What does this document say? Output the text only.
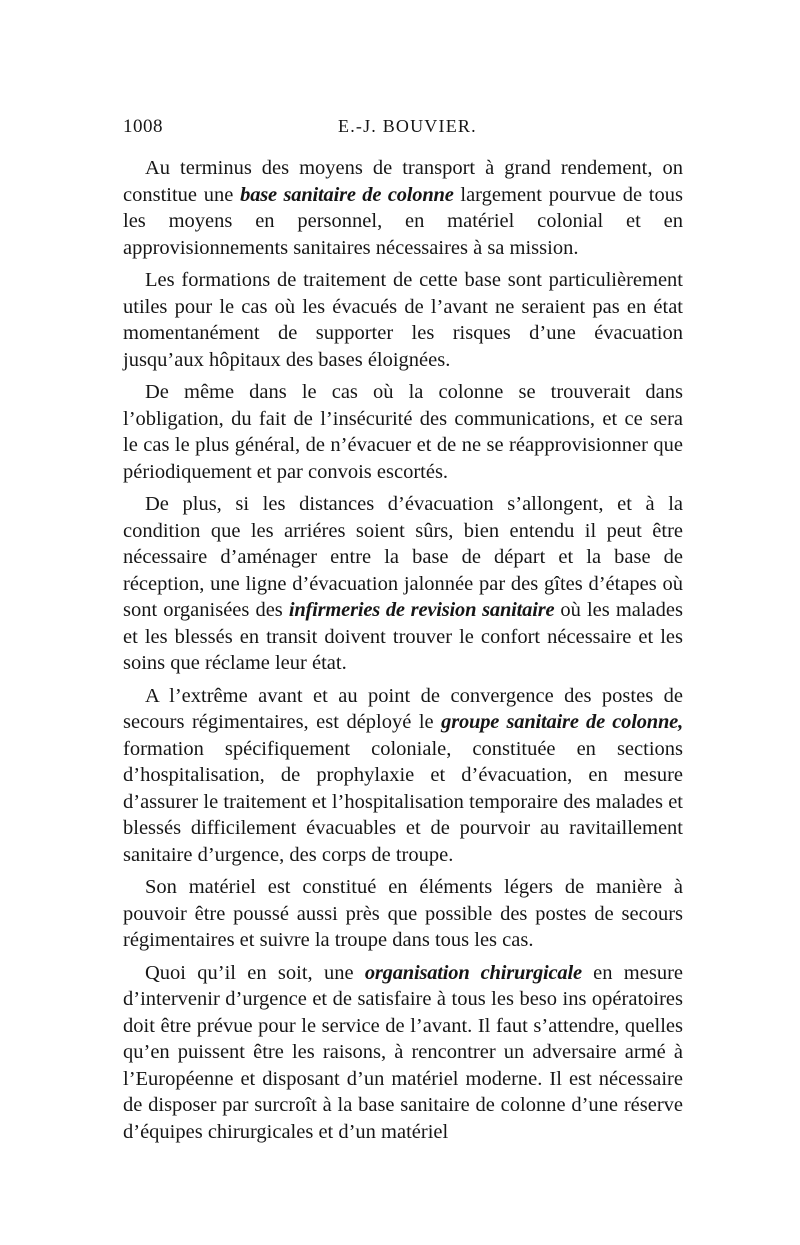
1008	E.-J. BOUVIER.

Au terminus des moyens de transport à grand rendement, on constitue une base sanitaire de colonne largement pourvue de tous les moyens en personnel, en matériel colonial et en approvisionnements sanitaires nécessaires à sa mission.

Les formations de traitement de cette base sont particulièrement utiles pour le cas où les évacués de l’avant ne seraient pas en état momentanément de supporter les risques d’une évacuation jusqu’aux hôpitaux des bases éloignées.

De même dans le cas où la colonne se trouverait dans l’obligation, du fait de l’insécurité des communications, et ce sera le cas le plus général, de n’évacuer et de ne se réapprovisionner que périodiquement et par convois escortés.

De plus, si les distances d’évacuation s’allongent, et à la condition que les arriéres soient sûrs, bien entendu il peut être nécessaire d’aménager entre la base de départ et la base de réception, une ligne d’évacuation jalonnée par des gîtes d’étapes où sont organisées des infirmeries de revision sanitaire où les malades et les blessés en transit doivent trouver le confort nécessaire et les soins que réclame leur état.

A l’extrême avant et au point de convergence des postes de secours régimentaires, est déployé le groupe sanitaire de colonne, formation spécifiquement coloniale, constituée en sections d’hospitalisation, de prophylaxie et d’évacuation, en mesure d’assurer le traitement et l’hospitalisation temporaire des malades et blessés difficilement évacuables et de pourvoir au ravitaillement sanitaire d’urgence, des corps de troupe.

Son matériel est constitué en éléments légers de manière à pouvoir être poussé aussi près que possible des postes de secours régimentaires et suivre la troupe dans tous les cas.

Quoi qu’il en soit, une organisation chirurgicale en mesure d’intervenir d’urgence et de satisfaire à tous les beso ins opératoires doit être prévue pour le service de l’avant. Il faut s’attendre, quelles qu’en puissent être les raisons, à rencontrer un adversaire armé à l’Européenne et disposant d’un matériel moderne. Il est nécessaire de disposer par surcroît à la base sanitaire de colonne d’une réserve d’équipes chirurgicales et d’un matériel
